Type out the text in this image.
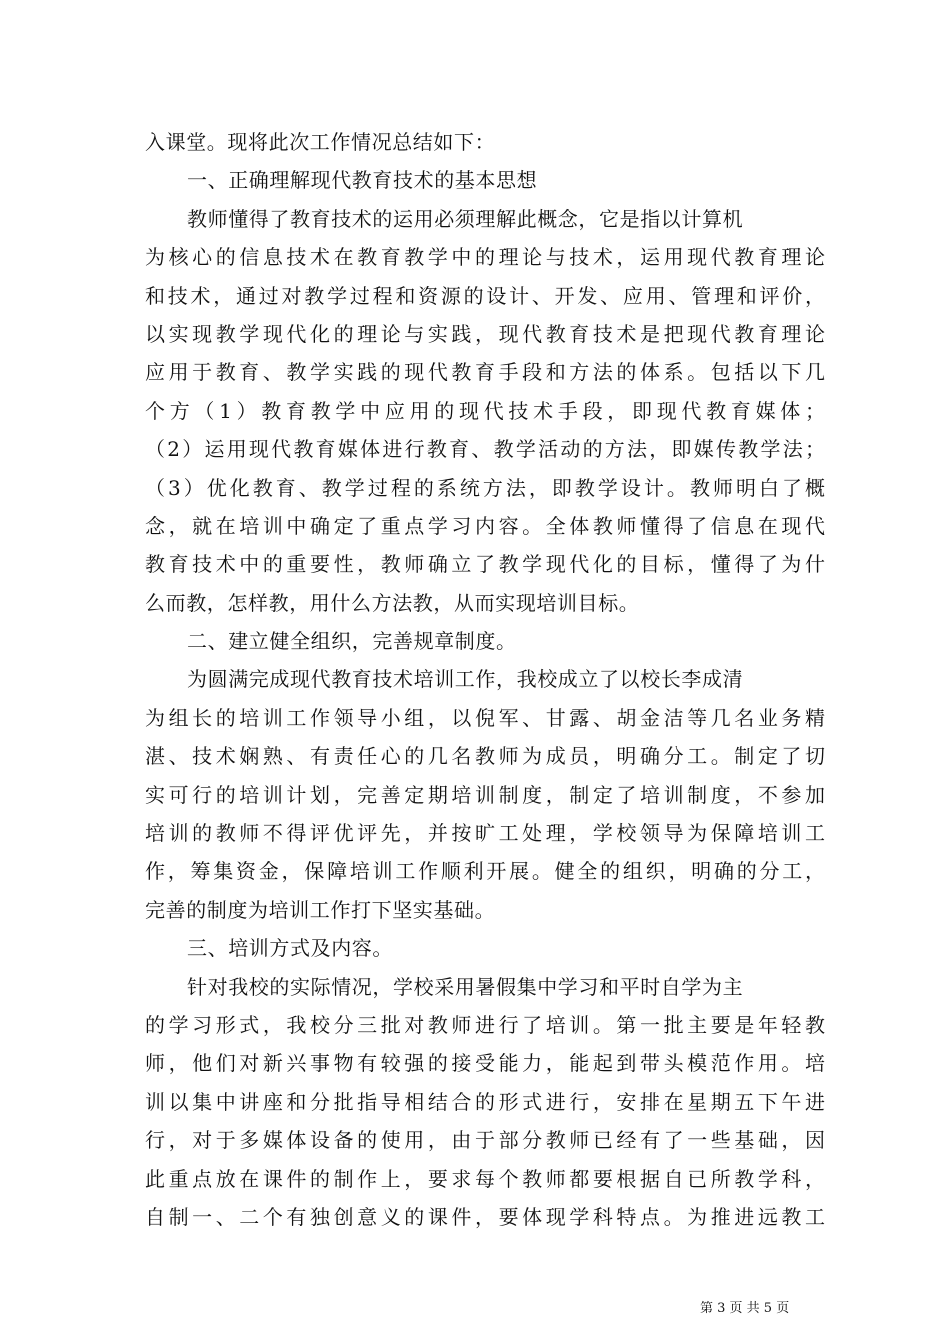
入课堂。现将此次工作情况总结如下：
一、正确理解现代教育技术的基本思想
教师懂得了教育技术的运用必须理解此概念，它是指以计算机
为核心的信息技术在教育教学中的理论与技术，运用现代教育理论
和技术，通过对教学过程和资源的设计、开发、应用、管理和评价，
以实现教学现代化的理论与实践，现代教育技术是把现代教育理论
应用于教育、教学实践的现代教育手段和方法的体系。包括以下几
个方（1）教育教学中应用的现代技术手段，即现代教育媒体；
（2）运用现代教育媒体进行教育、教学活动的方法，即媒传教学法；
（3）优化教育、教学过程的系统方法，即教学设计。教师明白了概
念，就在培训中确定了重点学习内容。全体教师懂得了信息在现代
教育技术中的重要性，教师确立了教学现代化的目标，懂得了为什
么而教，怎样教，用什么方法教，从而实现培训目标。
二、建立健全组织，完善规章制度。
为圆满完成现代教育技术培训工作，我校成立了以校长李成清
为组长的培训工作领导小组，以倪军、甘露、胡金洁等几名业务精
湛、技术娴熟、有责任心的几名教师为成员，明确分工。制定了切
实可行的培训计划，完善定期培训制度，制定了培训制度，不参加
培训的教师不得评优评先，并按旷工处理，学校领导为保障培训工
作，筹集资金，保障培训工作顺利开展。健全的组织，明确的分工，
完善的制度为培训工作打下坚实基础。
三、培训方式及内容。
针对我校的实际情况，学校采用暑假集中学习和平时自学为主
的学习形式，我校分三批对教师进行了培训。第一批主要是年轻教
师，他们对新兴事物有较强的接受能力，能起到带头模范作用。培
训以集中讲座和分批指导相结合的形式进行，安排在星期五下午进
行，对于多媒体设备的使用，由于部分教师已经有了一些基础，因
此重点放在课件的制作上，要求每个教师都要根据自已所教学科，
自制一、二个有独创意义的课件，要体现学科特点。为推进远教工
第 3 页 共 5 页
